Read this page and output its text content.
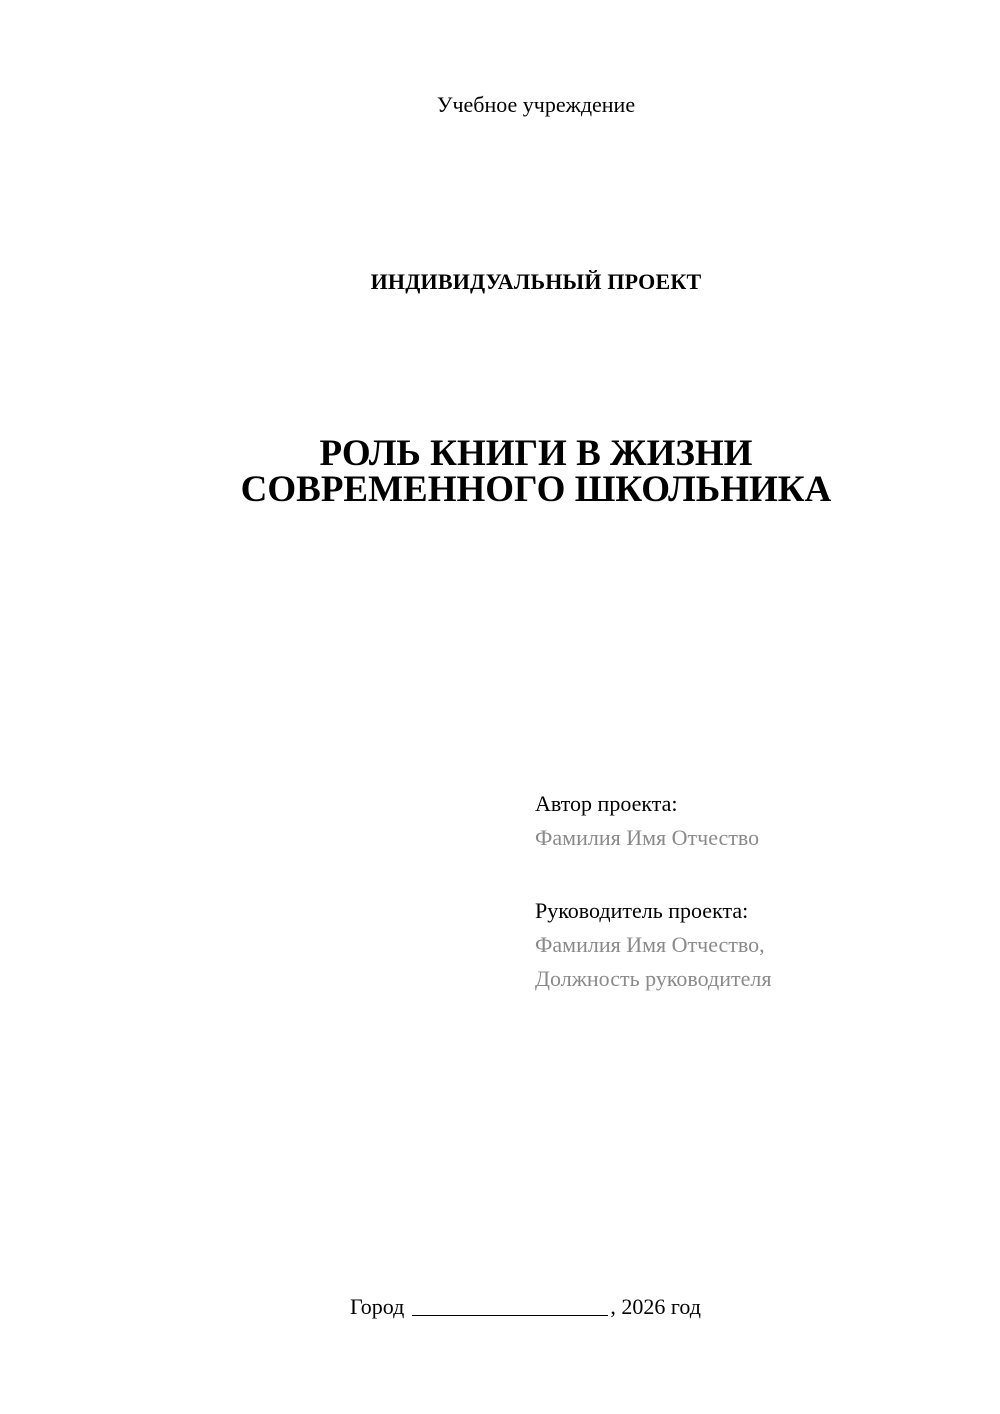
Учебное учреждение
ИНДИВИДУАЛЬНЫЙ ПРОЕКТ
РОЛЬ КНИГИ В ЖИЗНИ
СОВРЕМЕННОГО ШКОЛЬНИКА
Автор проекта:
Фамилия Имя Отчество
Руководитель проекта:
Фамилия Имя Отчество,
Должность руководителя
Город	, 2026 год
